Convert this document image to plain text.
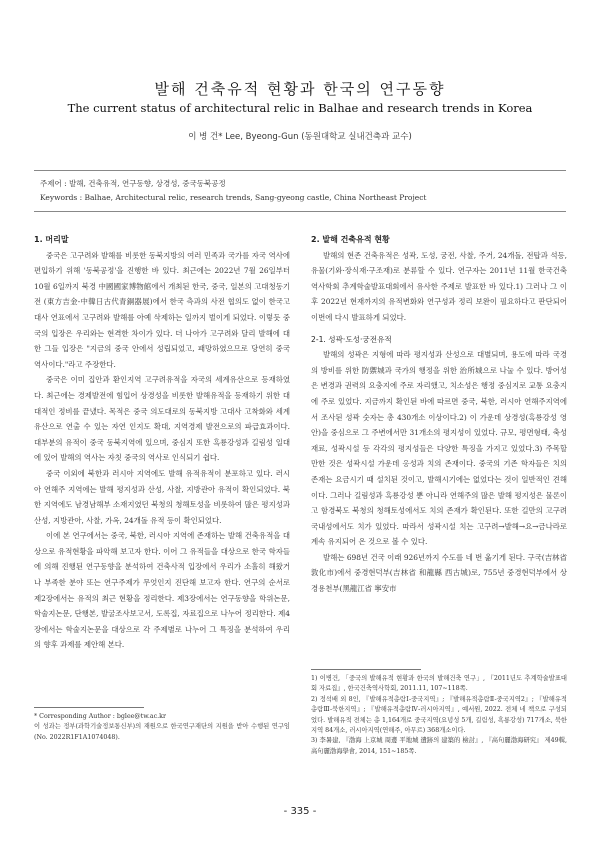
발해 건축유적 현황과 한국의 연구동향
The current status of architectural relic in Balhae and research trends in Korea
이 병 건* Lee, Byeong-Gun (동원대학교 실내건축과 교수)
주제어 : 발해, 건축유적, 연구동향, 상경성, 중국동북공정
Keywords : Balhae, Architectural relic, research trends, Sang-gyeong castle, China Northeast Project
1. 머리말

중국은 고구려와 발해를 비롯한 동북지방의 여러 민족과 국가를 자국 역사에 편입하기 위해 '동북공정'을 진행한 바 있다. 최근에는 2022년 7월 26일부터 10월 6일까지 북경 中國國家博物館에서 개최된 한국, 중국, 일본의 고대청동기전 (東方吉金-中韓日古代青銅器展)에서 한국 측과의 사전 협의도 없이 한국고대사 연표에서 고구려와 발해를 아예 삭제하는 일까지 벌이게 되었다. 이렇듯 중국의 입장은 우리와는 현격한 차이가 있다. 더 나아가 고구려와 달리 발해에 대한 그들 입장은 "지금의 중국 안에서 성립되었고, 패망하였으므로 당연히 중국 역사이다."라고 주장한다.

중국은 이미 집안과 환인지역 고구려유적을 자국의 세계유산으로 등재하였다. 최근에는 경제발전에 힘입어 상경성을 비롯한 발해유적을 등재하기 위한 대대적인 정비를 끝냈다. 목적은 중국 의도대로의 동북지방 고대사 고착화와 세계유산으로 연출 수 있는 자연 인지도 확대, 지역경제 발전으로의 파급효과이다. 대부분의 유적이 중국 동북지역에 있으며, 중심지 또한 흑룡강성과 길림성 일대에 있어 발해의 역사는 자칫 중국의 역사로 인식되기 쉽다.

중국 이외에 북한과 러시아 지역에도 발해 유적유적이 분포하고 있다. 러시아 연해주 지역에는 발해 평지성과 산성, 사찰, 지방관아 유적이 확인되었다. 북한 지역에도 남경남해부 소재지였던 북청의 청해토성을 비롯하여 많은 평지성과 산성, 지방관아, 사찰, 가옥, 24개돌 유적 등이 확인되었다.

이에 본 연구에서는 중국, 북한, 러시아 지역에 존재하는 발해 건축유적을 대상으로 유적현황을 파악해 보고자 한다. 이어 그 유적들을 대상으로 한국 학자들에 의해 진행된 연구동향을 분석하여 건축사적 입장에서 우리가 소홀히 해왔거나 부족한 분야 또는 연구주제가 무엇인지 진단해 보고자 한다. 연구의 순서로 제2장에서는 유적의 최근 현황을 정리한다. 제3장에서는 연구동향을 학위논문, 학술지논문, 단행본, 발굴조사보고서, 도록집, 자료집으로 나누어 정리한다. 제4장에서는 학술지논문을 대상으로 각 주제별로 나누어 그 특징을 분석하여 우리의 향후 과제를 제안해 본다.

* Corresponding Author : bglee@tw.ac.kr

이 성과는 정부(과학기술정보통신부)의 재원으로 한국연구재단의 지원을 받아 수행된 연구임(No. 2022R1F1A1074048).

2. 발해 건축유적 현황

발해의 현존 건축유적은 성곽, 도성, 궁전, 사찰, 주거, 24개돌, 전탑과 석등, 유물(기와·장식재·구조재)로 분류할 수 있다. 연구자는 2011년 11월 한국건축역사학회 추계학술발표대회에서 유사한 주제로 발표한 바 있다.1) 그러나 그 이후 2022년 현재까지의 유적변화와 연구성과 정리 보완이 필요하다고 판단되어 이번에 다시 발표하게 되었다.

2-1. 성곽·도성·궁전유적

발해의 성곽은 지형에 따라 평지성과 산성으로 대별되며, 용도에 따라 국경의 방비를 위한 防禦城과 국가의 행정을 위한 治所城으로 나눌 수 있다. 방어성은 변경과 권력의 요충지에 주로 자리했고, 치소성은 행정 중심지로 교통 요충지에 주로 있었다. 지금까지 확인된 바에 따르면 중국, 북한, 러시아 연해주지역에서 조사된 성곽 숫자는 총 430개소 이상이다.2) 이 가운데 상경성(흑룡강성 영안)을 중심으로 그 주변에서만 31개소의 평지성이 있었다. 규모, 평면형태, 축성재료, 성곽시설 등 각각의 평지성들은 다양한 특징을 가지고 있었다.3) 주목할 만한 것은 성곽시설 가운데 옹성과 치의 존재이다. 중국의 기존 학자들은 치의 존재는 요금시기 때 설치된 것이고, 발해시기에는 없었다는 것이 일반적인 견해이다. 그러나 길림성과 흑룡강성 뿐 아니라 연해주의 많은 발해 평지성은 물론이고 함경북도 북청의 청해토성에서도 치의 존재가 확인된다. 또한 길만의 고구려 국내성에서도 치가 있었다. 따라서 성곽시설 치는 고구려→발해→요→금나라로 계속 유지되어 온 것으로 볼 수 있다.

발해는 698년 건국 이래 926년까지 수도를 네 번 옮기게 된다. 구국(吉林省 敦化市)에서 중경현덕부(吉林省 和龍縣 西古城)로, 755년 중경현덕부에서 상경용천부(黑龍江省 寧安市

1) 이병건, 「중국의 발해유적 현황과 한국의 발해건축 연구」, 『2011년도 추계학술발표대회 자료집』, 한국건축역사학회, 2011.11, 107~118쪽.

2) 정석배 외 8인, 『발해유적총람Ⅰ-중국지역』; 『발해유적총람Ⅱ-중국지역2』; 『발해유적총람Ⅲ-북한지역』; 『발해유적총람Ⅳ-러시아지역』, 예서원, 2022. 전체 네 책으로 구성되었다. 발해유적 전체는 총 1,164개로 중국지역(요녕성 5개, 길림성, 흑룡강성) 717개소, 북한지역 84개소, 러시아지역(연해주, 아무르) 368개소이다.

3) 李暑建, 『渤海 上京城 周邊 平地城 遺跡의 建築的 檢討』, 『高句麗渤海研究』 제49輯, 高句麗渤海學會, 2014, 151~185쪽.

- 335 -
